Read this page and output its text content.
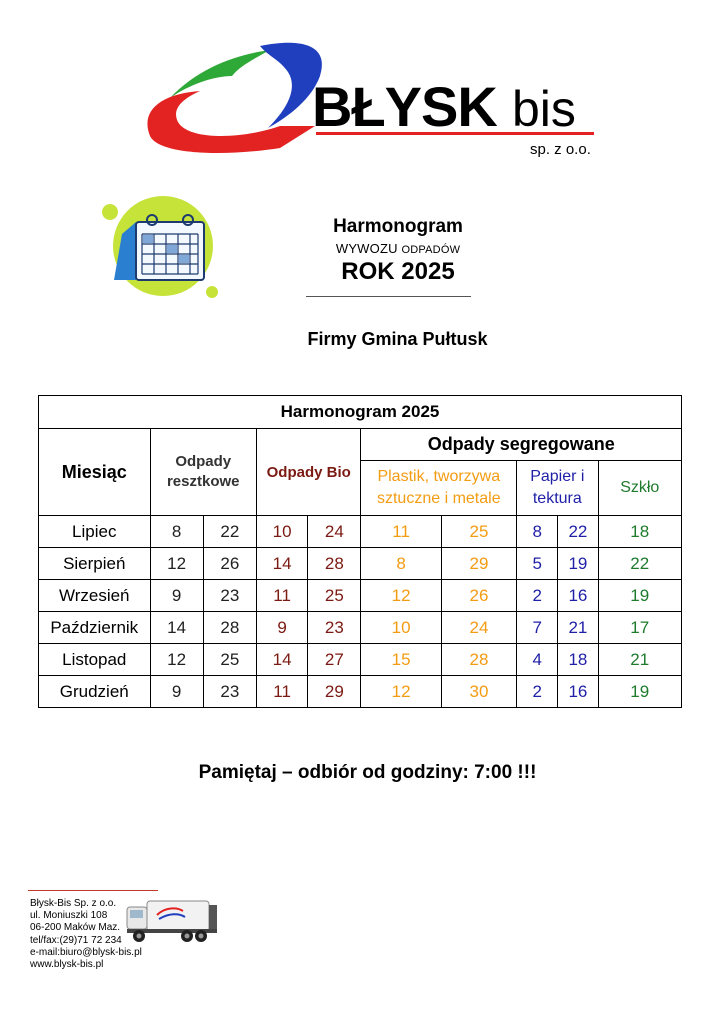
BŁYSK bis
sp. z o.o.
Harmonogram
WYWOZU ODPADÓW
ROK 2025
Firmy Gmina Pułtusk
Harmonogram 2025									
Miesiąc	Odpady resztkowe		Odpady Bio		Odpady segregowane				
					Plastik, tworzywa sztuczne i metale		Papier i tektura		Szkło
Lipiec	8	22	10	24	11	25	8	22	18
Sierpień	12	26	14	28	8	29	5	19	22
Wrzesień	9	23	11	25	12	26	2	16	19
Październik	14	28	9	23	10	24	7	21	17
Listopad	12	25	14	27	15	28	4	18	21
Grudzień	9	23	11	29	12	30	2	16	19
Pamiętaj – odbiór od godziny: 7:00 !!!
Błysk-Bis Sp. z o.o.
ul. Moniuszki 108
06-200 Maków Maz.
tel/fax:(29)71 72 234
e-mail:biuro@blysk-bis.pl
www.blysk-bis.pl
